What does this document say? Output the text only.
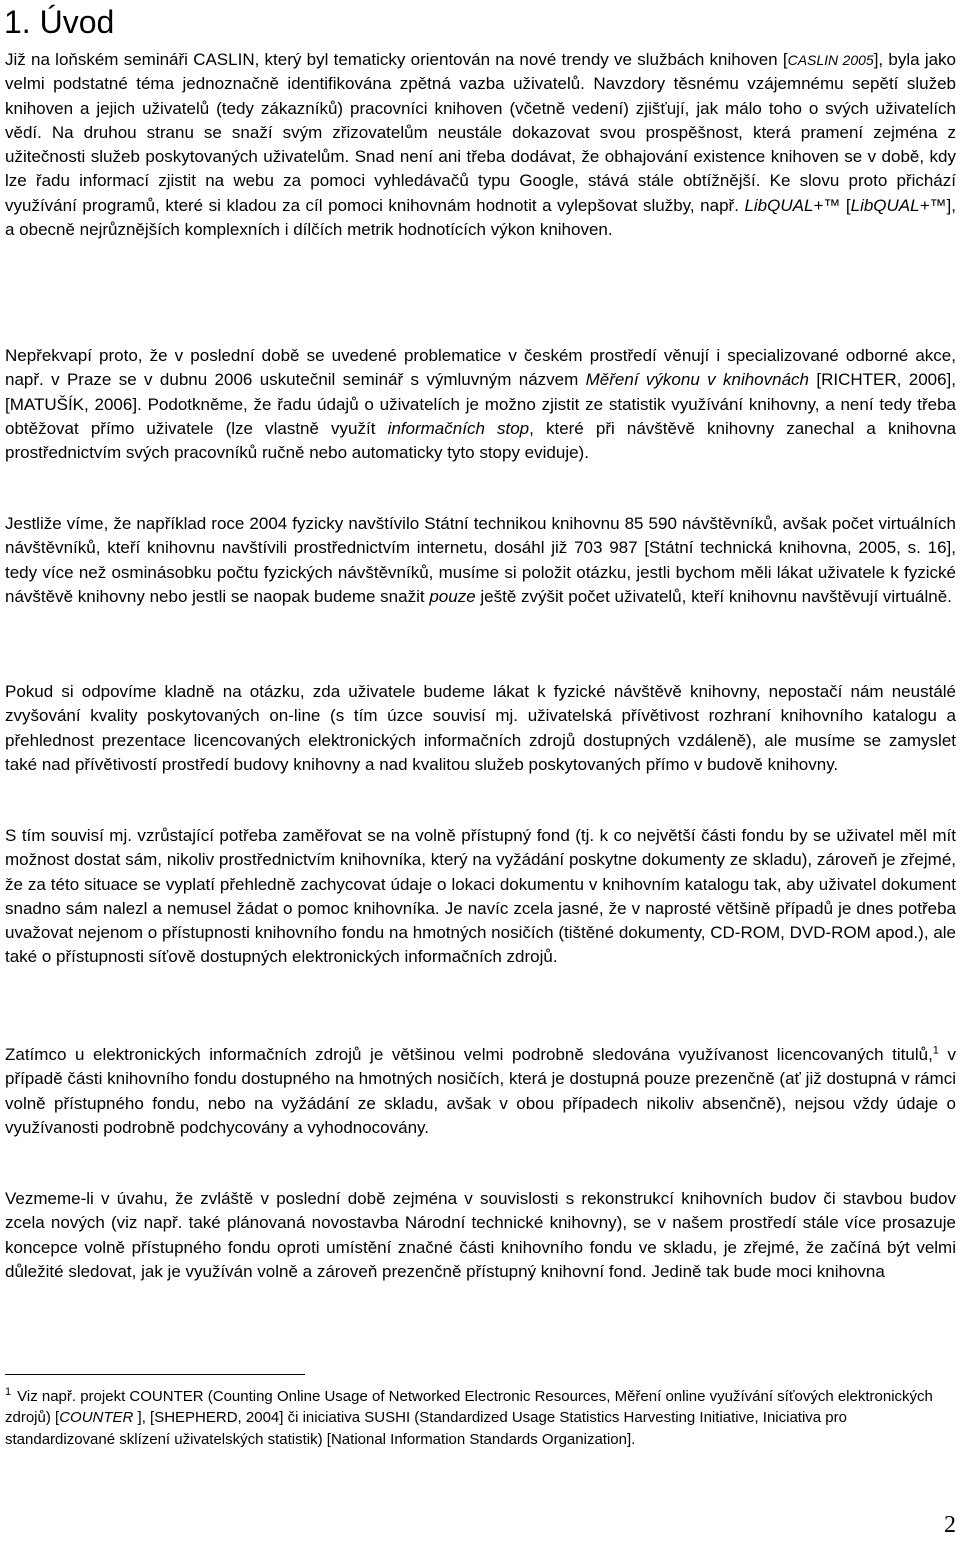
1. Úvod

Již na loňském semináři CASLIN, který byl tematicky orientován na nové trendy ve službách knihoven [CASLIN 2005], byla jako velmi podstatné téma jednoznačně identifikována zpětná vazba uživatelů. Navzdory těsnému vzájemnému sepětí služeb knihoven a jejich uživatelů (tedy zákazníků) pracovníci knihoven (včetně vedení) zjišťují, jak málo toho o svých uživatelích vědí. Na druhou stranu se snaží svým zřizovatelům neustále dokazovat svou prospěšnost, která pramení zejména z užitečnosti služeb poskytovaných uživatelům. Snad není ani třeba dodávat, že obhajování existence knihoven se v době, kdy lze řadu informací zjistit na webu za pomoci vyhledávačů typu Google, stává stále obtížnější. Ke slovu proto přichází využívání programů, které si kladou za cíl pomoci knihovnám hodnotit a vylepšovat služby, např. LibQUAL+™ [LibQUAL+™], a obecně nejrůznějších komplexních i dílčích metrik hodnotících výkon knihoven.

Nepřekvapí proto, že v poslední době se uvedené problematice v českém prostředí věnují i specializované odborné akce, např. v Praze se v dubnu 2006 uskutečnil seminář s výmluvným názvem Měření výkonu v knihovnách [RICHTER, 2006], [MATUŠÍK, 2006]. Podotkněme, že řadu údajů o uživatelích je možno zjistit ze statistik využívání knihovny, a není tedy třeba obtěžovat přímo uživatele (lze vlastně využít informačních stop, které při návštěvě knihovny zanechal a knihovna prostřednictvím svých pracovníků ručně nebo automaticky tyto stopy eviduje).

Jestliže víme, že například roce 2004 fyzicky navštívilo Státní technikou knihovnu 85 590 návštěvníků, avšak počet virtuálních návštěvníků, kteří knihovnu navštívili prostřednictvím internetu, dosáhl již 703 987 [Státní technická knihovna, 2005, s. 16], tedy více než osminásobku počtu fyzických návštěvníků, musíme si položit otázku, jestli bychom měli lákat uživatele k fyzické návštěvě knihovny nebo jestli se naopak budeme snažit pouze ještě zvýšit počet uživatelů, kteří knihovnu navštěvují virtuálně.

Pokud si odpovíme kladně na otázku, zda uživatele budeme lákat k fyzické návštěvě knihovny, nepostačí nám neustálé zvyšování kvality poskytovaných on-line (s tím úzce souvisí mj. uživatelská přívětivost rozhraní knihovního katalogu a přehlednost prezentace licencovaných elektronických informačních zdrojů dostupných vzdáleně), ale musíme se zamyslet také nad přívětivostí prostředí budovy knihovny a nad kvalitou služeb poskytovaných přímo v budově knihovny.

S tím souvisí mj. vzrůstající potřeba zaměřovat se na volně přístupný fond (tj. k co největší části fondu by se uživatel měl mít možnost dostat sám, nikoliv prostřednictvím knihovníka, který na vyžádání poskytne dokumenty ze skladu), zároveň je zřejmé, že za této situace se vyplatí přehledně zachycovat údaje o lokaci dokumentu v knihovním katalogu tak, aby uživatel dokument snadno sám nalezl a nemusel žádat o pomoc knihovníka. Je navíc zcela jasné, že v naprosté většině případů je dnes potřeba uvažovat nejenom o přístupnosti knihovního fondu na hmotných nosičích (tištěné dokumenty, CD-ROM, DVD-ROM apod.), ale také o přístupnosti síťově dostupných elektronických informačních zdrojů.

Zatímco u elektronických informačních zdrojů je většinou velmi podrobně sledována využívanost licencovaných titulů,$^1$ v případě části knihovního fondu dostupného na hmotných nosičích, která je dostupná pouze prezenčně (ať již dostupná v rámci volně přístupného fondu, nebo na vyžádání ze skladu, avšak v obou případech nikoliv absenčně), nejsou vždy údaje o využívanosti podrobně podchycovány a vyhodnocovány.

Vezmeme-li v úvahu, že zvláště v poslední době zejména v souvislosti s rekonstrukcí knihovních budov či stavbou budov zcela nových (viz např. také plánovaná novostavba Národní technické knihovny), se v našem prostředí stále více prosazuje koncepce volně přístupného fondu oproti umístění značné části knihovního fondu ve skladu, je zřejmé, že začíná být velmi důležité sledovat, jak je využíván volně a zároveň prezenčně přístupný knihovní fond. Jedině tak bude moci knihovna

$^1$ Viz např. projekt COUNTER (Counting Online Usage of Networked Electronic Resources, Měření online využívání síťových elektronických zdrojů) [COUNTER ], [SHEPHERD, 2004] či iniciativa SUSHI (Standardized Usage Statistics Harvesting Initiative, Iniciativa pro standardizované sklízení uživatelských statistik) [National Information Standards Organization].

2
